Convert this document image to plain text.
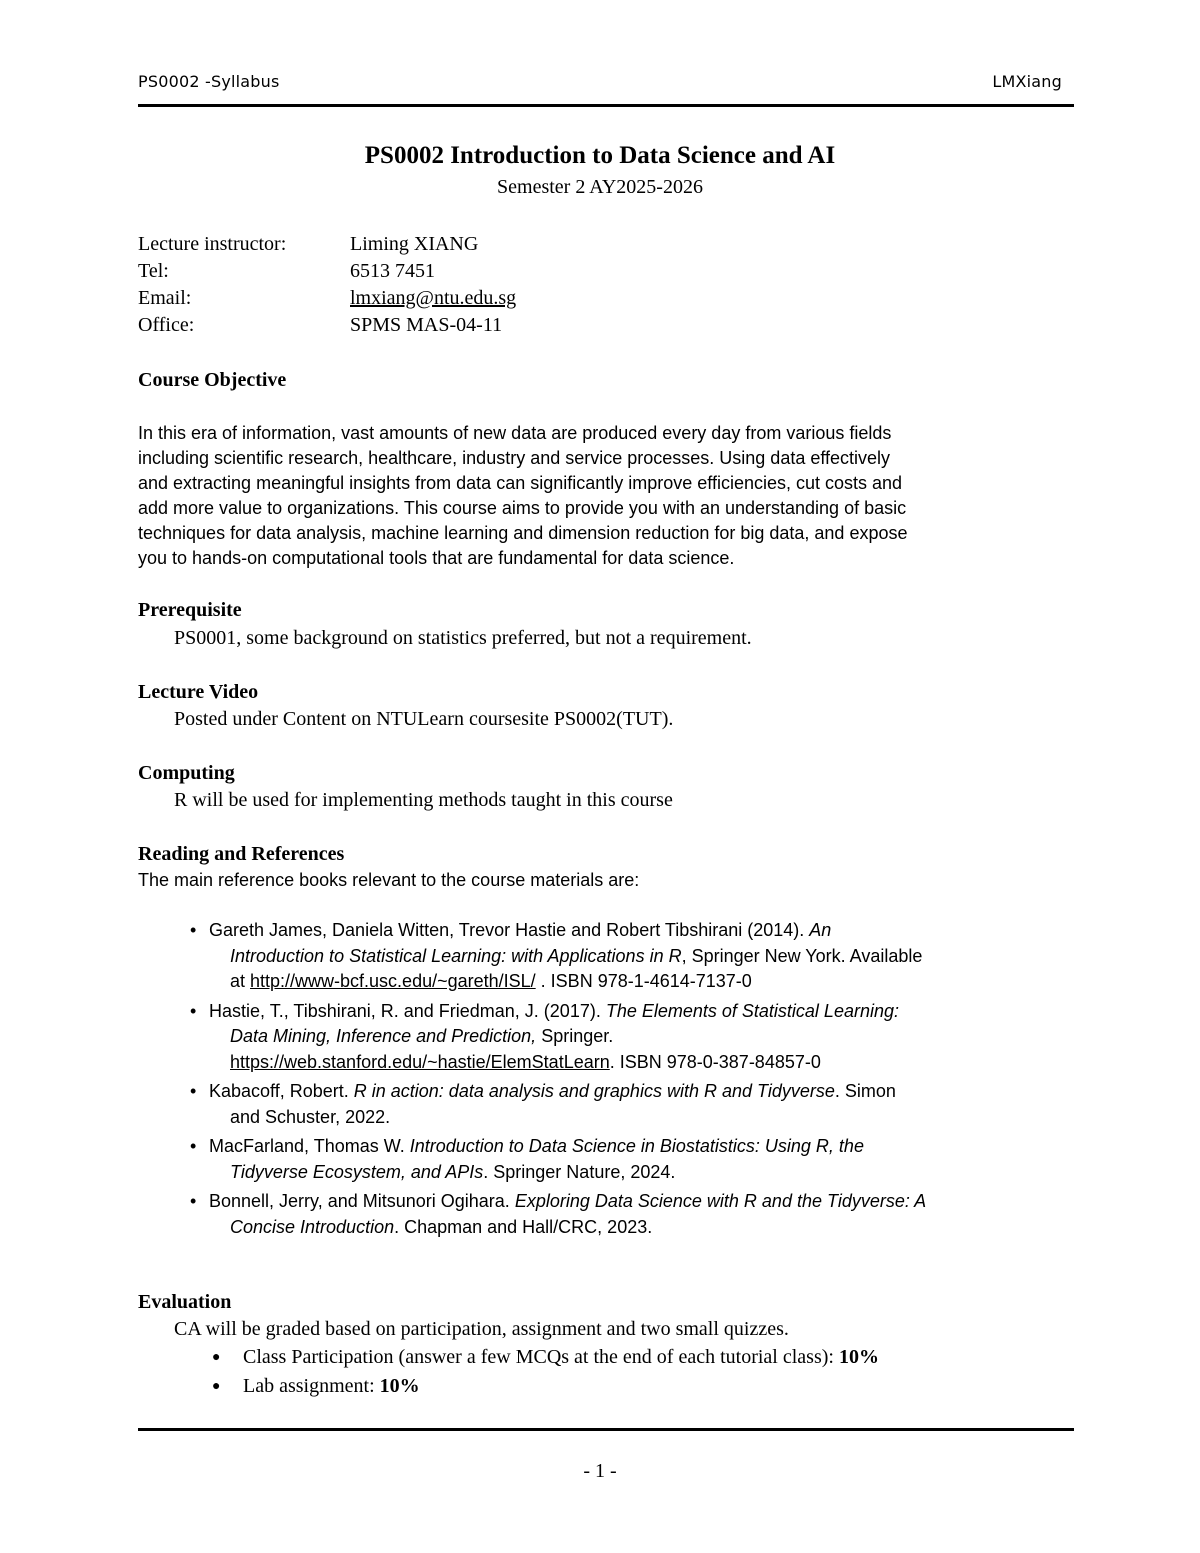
PS0002 -Syllabus	LMXiang
PS0002 Introduction to Data Science and AI
Semester 2 AY2025-2026
Lecture instructor:	Liming XIANG
Tel:	6513 7451
Email:	lmxiang@ntu.edu.sg
Office:	SPMS MAS-04-11
Course Objective
In this era of information, vast amounts of new data are produced every day from various fields
including scientific research, healthcare, industry and service processes. Using data effectively
and extracting meaningful insights from data can significantly improve efficiencies, cut costs and
add more value to organizations. This course aims to provide you with an understanding of basic
techniques for data analysis, machine learning and dimension reduction for big data, and expose
you to hands-on computational tools that are fundamental for data science.
Prerequisite
PS0001, some background on statistics preferred, but not a requirement.
Lecture Video
Posted under Content on NTULearn coursesite PS0002(TUT).
Computing
R will be used for implementing methods taught in this course
Reading and References
The main reference books relevant to the course materials are:
• Gareth James, Daniela Witten, Trevor Hastie and Robert Tibshirani (2014). An
Introduction to Statistical Learning: with Applications in R, Springer New York. Available
at http://www-bcf.usc.edu/~gareth/ISL/ . ISBN 978-1-4614-7137-0
• Hastie, T., Tibshirani, R. and Friedman, J. (2017). The Elements of Statistical Learning:
Data Mining, Inference and Prediction, Springer.
https://web.stanford.edu/~hastie/ElemStatLearn. ISBN 978-0-387-84857-0
• Kabacoff, Robert. R in action: data analysis and graphics with R and Tidyverse. Simon
and Schuster, 2022.
• MacFarland, Thomas W. Introduction to Data Science in Biostatistics: Using R, the
Tidyverse Ecosystem, and APIs. Springer Nature, 2024.
• Bonnell, Jerry, and Mitsunori Ogihara. Exploring Data Science with R and the Tidyverse: A
Concise Introduction. Chapman and Hall/CRC, 2023.
Evaluation
CA will be graded based on participation, assignment and two small quizzes.
● Class Participation (answer a few MCQs at the end of each tutorial class): 10%
● Lab assignment: 10%
- 1 -
